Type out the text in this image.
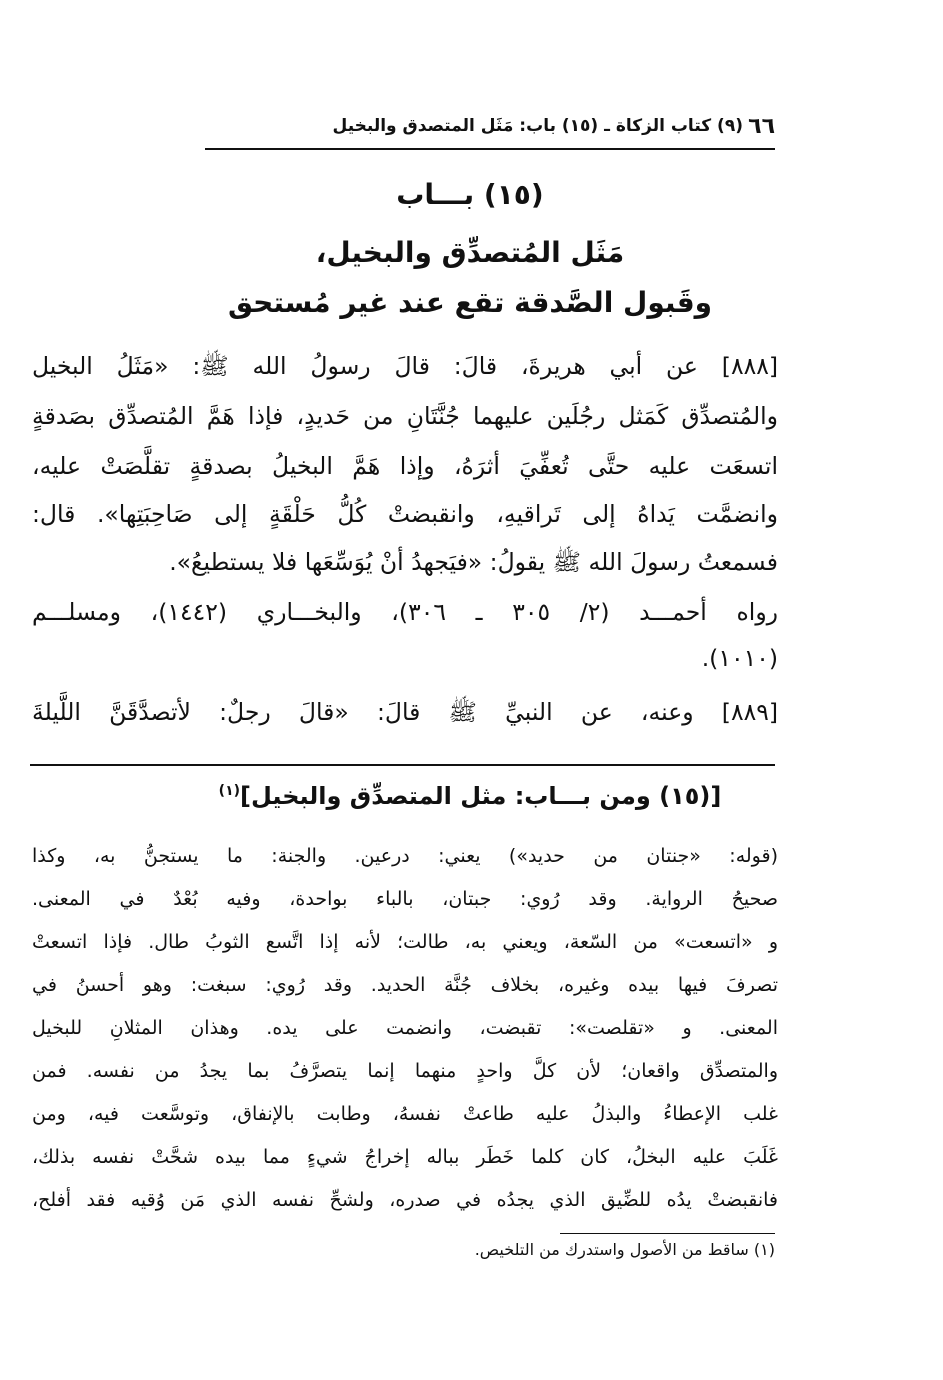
٦٦
(٩) كتاب الزكاة ـ (١٥) باب: مَثَل المتصدق والبخيل
(١٥) بـــاب
مَثَل المُتصدِّق والبخيل،
وقَبول الصَّدقة تقع عند غير مُستحق
[٨٨٨] عن أبي هريرةَ، قالَ: قالَ رسولُ الله ﷺ: «مَثَلُ البخيل
والمُتصدِّق كَمَثل رجُلَين عليهما جُنَّتَانِ من حَديدٍ، فإذا هَمَّ المُتصدِّق بصَدقةٍ
اتسعَت عليه حتَّى تُعفِّيَ أثرَهُ، وإذا هَمَّ البخيلُ بصدقةٍ تقلَّصَتْ عليه،
وانضمَّت يَداهُ إلى تَراقيهِ، وانقبضتْ كُلُّ حَلْقَةٍ إلى صَاحِبَتِها». قال:
فسمعتُ رسولَ الله ﷺ يقولُ: «فيَجهدُ أنْ يُوَسِّعَها فلا يستطيعُ».
رواه أحمـــد (٢/ ٣٠٥ ـ ٣٠٦)، والبخـــاري (١٤٤٢)، ومسلـــم
(١٠١٠).
[٨٨٩] وعنه، عن النبيِّ ﷺ قالَ: «قالَ رجلٌ: لأتصدَّقَنَّ اللَّيلةَ
[(١٥) ومن بـــاب: مثل المتصدِّق والبخيل]$^{(١)}$
(قوله: «جنتان من حديد») يعني: درعين. والجنة: ما يستجنُّ به، وكذا
صحيحُ الرواية. وقد رُوي: جبتان، بالباء بواحدة، وفيه بُعْدٌ في المعنى.
و «اتسعت» من السّعة، ويعني به، طالت؛ لأنه إذا اتَّسع الثوبُ طال. فإذا اتسعتْ
تصرفَ فيها بيده وغيره، بخلاف جُنَّة الحديد. وقد رُوي: سبغت: وهو أحسنُ في
المعنى. و «تقلصت»: تقبضت، وانضمت على يده. وهذان المثلانِ للبخيل
والمتصدِّق واقعان؛ لأن كلَّ واحدٍ منهما إنما يتصرَّفُ بما يجدُ من نفسه. فمن
غلب الإعطاءُ والبذلُ عليه طاعتْ نفسهُ، وطابت بالإنفاق، وتوسَّعت فيه، ومن
غَلَبَ عليه البخلُ، كان كلما خَطَر بباله إخراجُ شيءٍ مما بيده شحَّتْ نفسه بذلك،
فانقبضتْ يدُه للضِّيق الذي يجدُه في صدره، ولشحِّ نفسه الذي مَن وُقيه فقد أفلح،
(١) ساقط من الأصول واستدرك من التلخيص.
